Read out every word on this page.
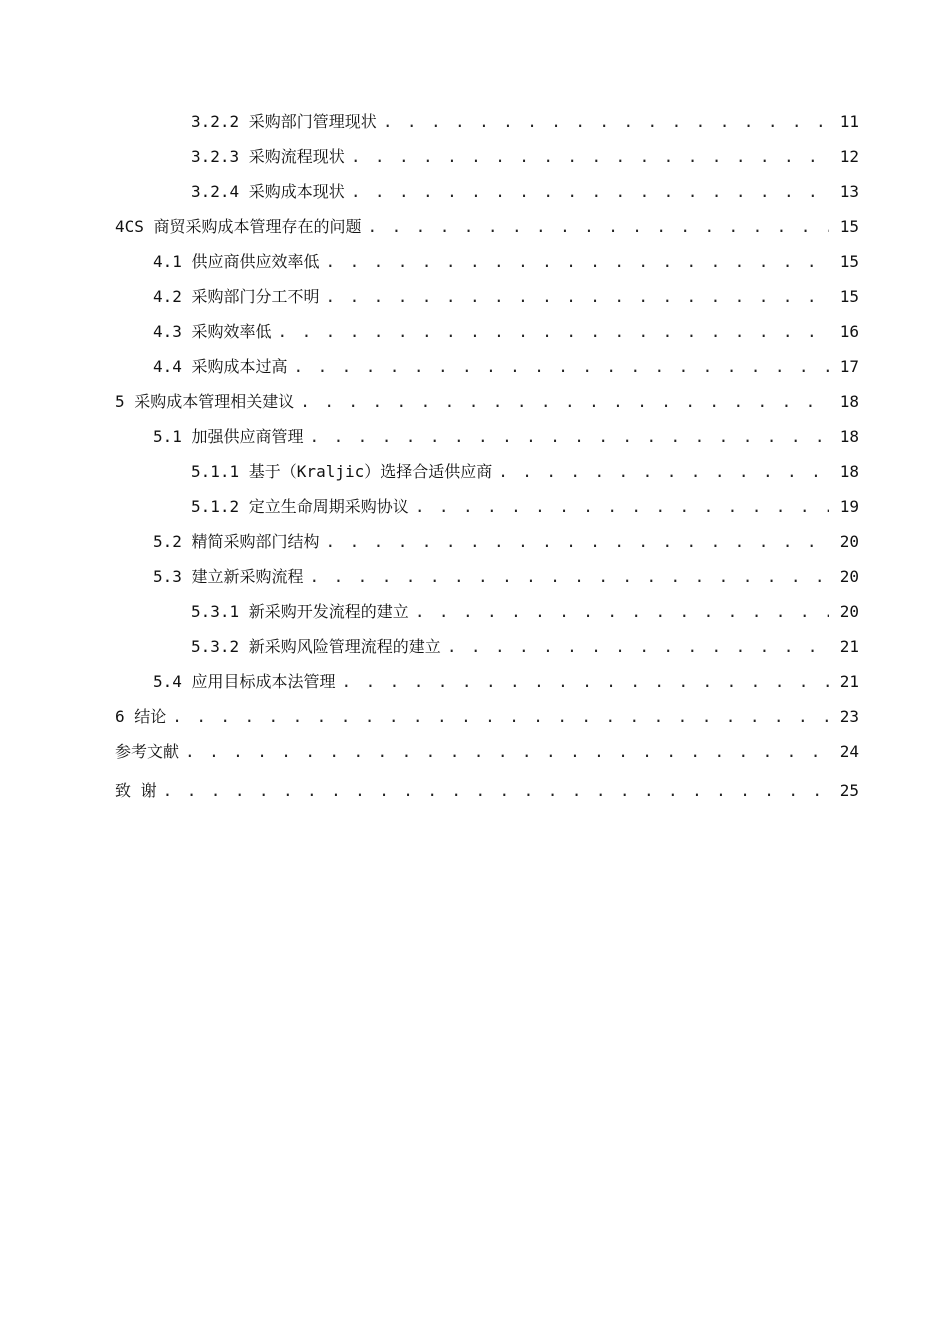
3.2.2 采购部门管理现状 . . .	11
3.2.3 采购流程现状 . . .	12
3.2.4 采购成本现状 . . .	13
4CS 商贸采购成本管理存在的问题 . . .	15
4.1 供应商供应效率低 . . .	15
4.2 采购部门分工不明 . . .	15
4.3 采购效率低 . . .	16
4.4 采购成本过高 . . .	17
5 采购成本管理相关建议 . . .	18
5.1 加强供应商管理 . . .	18
5.1.1 基于（Kraljic）选择合适供应商 . . .	18
5.1.2 定立生命周期采购协议 . . .	19
5.2 精简采购部门结构 . . .	20
5.3 建立新采购流程 . . .	20
5.3.1 新采购开发流程的建立 . . .	20
5.3.2 新采购风险管理流程的建立 . . .	21
5.4 应用目标成本法管理 . . .	21
6 结论 . . .	23
参考文献 . . .	24
致 谢 . . .	25
